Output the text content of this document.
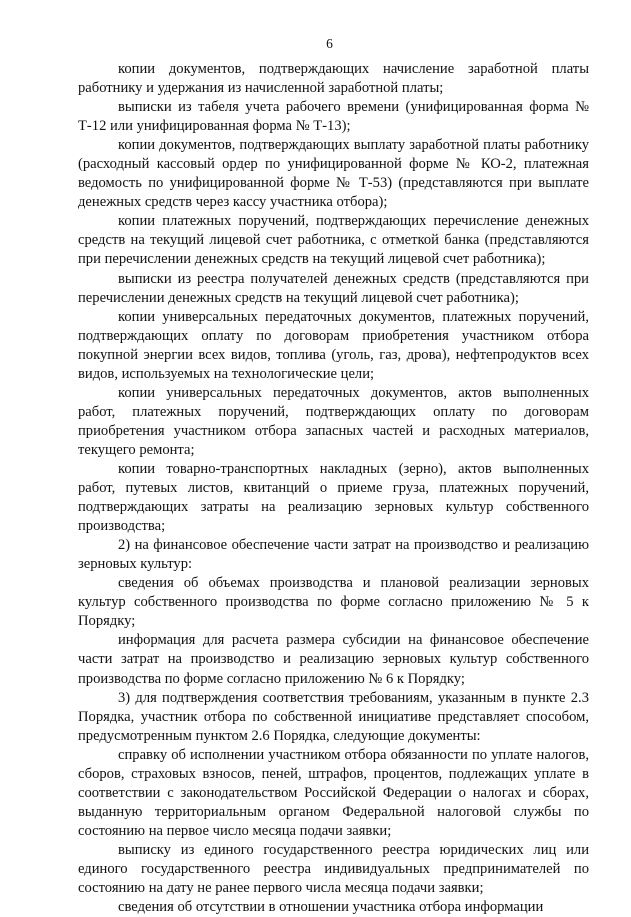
6

копии документов, подтверждающих начисление заработной платы работнику и удержания из начисленной заработной платы;

выписки из табеля учета рабочего времени (унифицированная форма № Т-12 или унифицированная форма № Т-13);

копии документов, подтверждающих выплату заработной платы работнику (расходный кассовый ордер по унифицированной форме № КО-2, платежная ведомость по унифицированной форме № Т-53) (представляются при выплате денежных средств через кассу участника отбора);

копии платежных поручений, подтверждающих перечисление денежных средств на текущий лицевой счет работника, с отметкой банка (представляются при перечислении денежных средств на текущий лицевой счет работника);

выписки из реестра получателей денежных средств (представляются при перечислении денежных средств на текущий лицевой счет работника);

копии универсальных передаточных документов, платежных поручений, подтверждающих оплату по договорам приобретения участником отбора покупной энергии всех видов, топлива (уголь, газ, дрова), нефтепродуктов всех видов, используемых на технологические цели;

копии универсальных передаточных документов, актов выполненных работ, платежных поручений, подтверждающих оплату по договорам приобретения участником отбора запасных частей и расходных материалов, текущего ремонта;

копии товарно-транспортных накладных (зерно), актов выполненных работ, путевых листов, квитанций о приеме груза, платежных поручений, подтверждающих затраты на реализацию зерновых культур собственного производства;

2) на финансовое обеспечение части затрат на производство и реализацию зерновых культур:

сведения об объемах производства и плановой реализации зерновых культур собственного производства по форме согласно приложению № 5 к Порядку;

информация для расчета размера субсидии на финансовое обеспечение части затрат на производство и реализацию зерновых культур собственного производства по форме согласно приложению № 6 к Порядку;

3) для подтверждения соответствия требованиям, указанным в пункте 2.3 Порядка, участник отбора по собственной инициативе представляет способом, предусмотренным пунктом 2.6 Порядка, следующие документы:

справку об исполнении участником отбора обязанности по уплате налогов, сборов, страховых взносов, пеней, штрафов, процентов, подлежащих уплате в соответствии с законодательством Российской Федерации о налогах и сборах, выданную территориальным органом Федеральной налоговой службы по состоянию на первое число месяца подачи заявки;

выписку из единого государственного реестра юридических лиц или единого государственного реестра индивидуальных предпринимателей по состоянию на дату не ранее первого числа месяца подачи заявки;

сведения об отсутствии в отношении участника отбора информации
